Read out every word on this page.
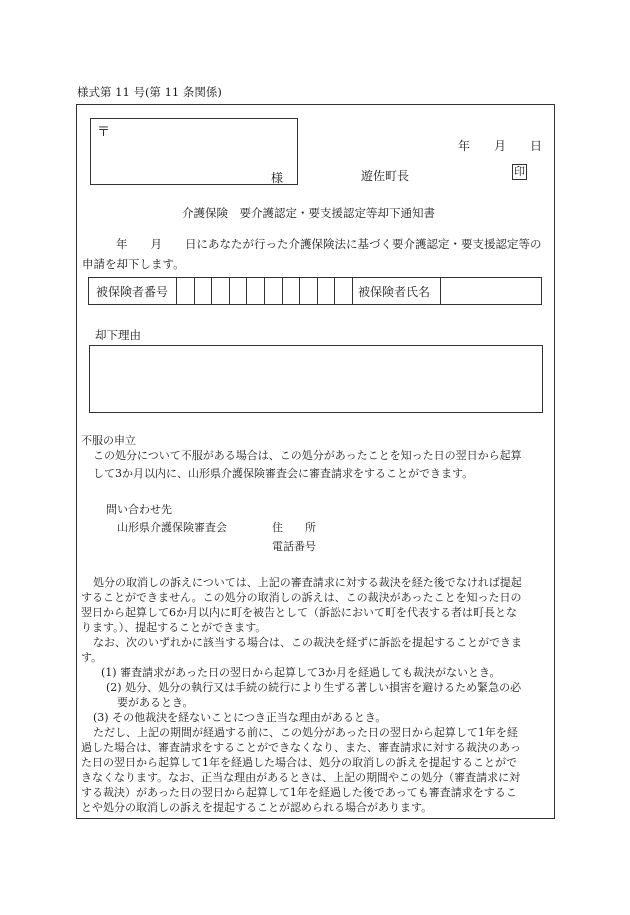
様式第 11 号(第 11 条関係)
〒
様
年 月 日
遊佐町長	印
介護保険　要介護認定・要支援認定等却下通知書
年　　月　　日にあなたが行った介護保険法に基づく要介護認定・要支援認定等の
申請を却下します。
被保険者番号	被保険者氏名
却下理由
不服の申立
この処分について不服がある場合は、この処分があったことを知った日の翌日から起算
して3か月以内に、山形県介護保険審査会に審査請求をすることができます。
問い合わせ先
山形県介護保険審査会	住　　所
電話番号
処分の取消しの訴えについては、上記の審査請求に対する裁決を経た後でなければ提起
することができません。この処分の取消しの訴えは、この裁決があったことを知った日の
翌日から起算して6か月以内に町を被告として（訴訟において町を代表する者は町長とな
ります。）、提起することができます。
なお、次のいずれかに該当する場合は、この裁決を経ずに訴訟を提起することができま
す。
(1) 審査請求があった日の翌日から起算して3か月を経過しても裁決がないとき。
(2) 処分、処分の執行又は手続の続行により生ずる著しい損害を避けるため緊急の必
要があるとき。
(3) その他裁決を経ないことにつき正当な理由があるとき。
ただし、上記の期間が経過する前に、この処分があった日の翌日から起算して1年を経
過した場合は、審査請求をすることができなくなり、また、審査請求に対する裁決のあっ
た日の翌日から起算して1年を経過した場合は、処分の取消しの訴えを提起することがで
きなくなります。なお、正当な理由があるときは、上記の期間やこの処分（審査請求に対
する裁決）があった日の翌日から起算して1年を経過した後であっても審査請求をするこ
とや処分の取消しの訴えを提起することが認められる場合があります。
